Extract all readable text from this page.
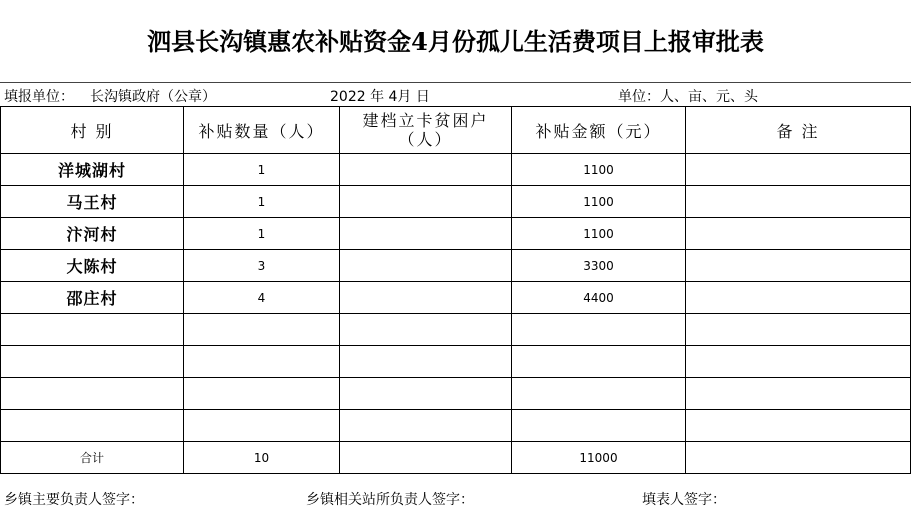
泗县长沟镇惠农补贴资金4月份孤儿生活费项目上报审批表
填报单位： 长沟镇政府（公章）	2022 年 4月 日	单位：人、亩、元、头
村 别	补贴数量（人）	建档立卡贫困户（人）	补贴金额（元）	备 注
洋城湖村	1		1100	
马王村	1		1100	
汴河村	1		1100	
大陈村	3		3300	
邵庄村	4		4400	

合计	10		11000	
乡镇主要负责人签字：	乡镇相关站所负责人签字：	填表人签字：
